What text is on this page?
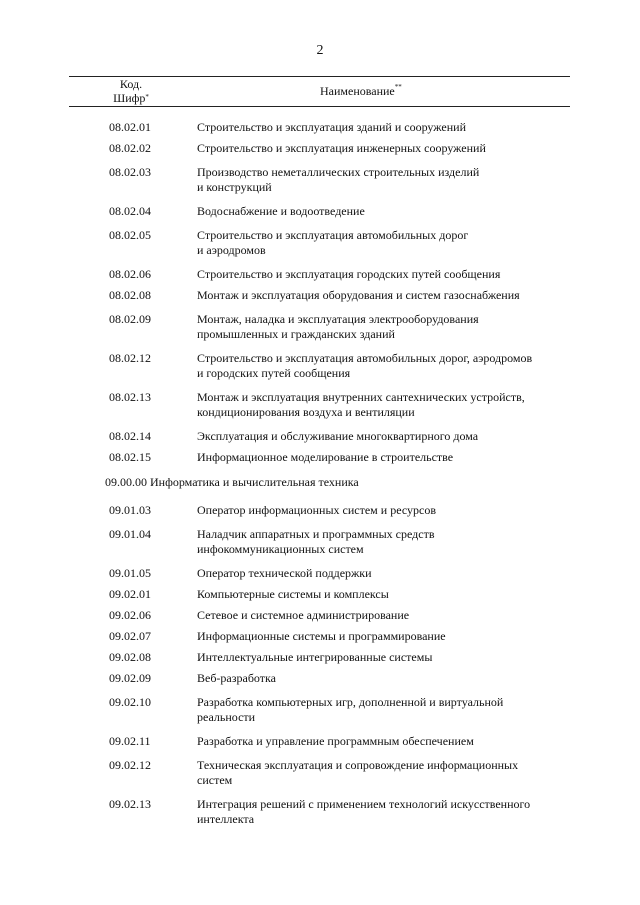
2
Код.
Шифр*	Наименование**
08.02.01	Строительство и эксплуатация зданий и сооружений
08.02.02	Строительство и эксплуатация инженерных сооружений
08.02.03	Производство неметаллических строительных изделий
и конструкций
08.02.04	Водоснабжение и водоотведение
08.02.05	Строительство и эксплуатация автомобильных дорог
и аэродромов
08.02.06	Строительство и эксплуатация городских путей сообщения
08.02.08	Монтаж и эксплуатация оборудования и систем газоснабжения
08.02.09	Монтаж, наладка и эксплуатация электрооборудования
промышленных и гражданских зданий
08.02.12	Строительство и эксплуатация автомобильных дорог, аэродромов
и городских путей сообщения
08.02.13	Монтаж и эксплуатация внутренних сантехнических устройств,
кондиционирования воздуха и вентиляции
08.02.14	Эксплуатация и обслуживание многоквартирного дома
08.02.15	Информационное моделирование в строительстве
09.00.00 Информатика и вычислительная техника
09.01.03	Оператор информационных систем и ресурсов
09.01.04	Наладчик аппаратных и программных средств
инфокоммуникационных систем
09.01.05	Оператор технической поддержки
09.02.01	Компьютерные системы и комплексы
09.02.06	Сетевое и системное администрирование
09.02.07	Информационные системы и программирование
09.02.08	Интеллектуальные интегрированные системы
09.02.09	Веб-разработка
09.02.10	Разработка компьютерных игр, дополненной и виртуальной
реальности
09.02.11	Разработка и управление программным обеспечением
09.02.12	Техническая эксплуатация и сопровождение информационных
систем
09.02.13	Интеграция решений с применением технологий искусственного
интеллекта
